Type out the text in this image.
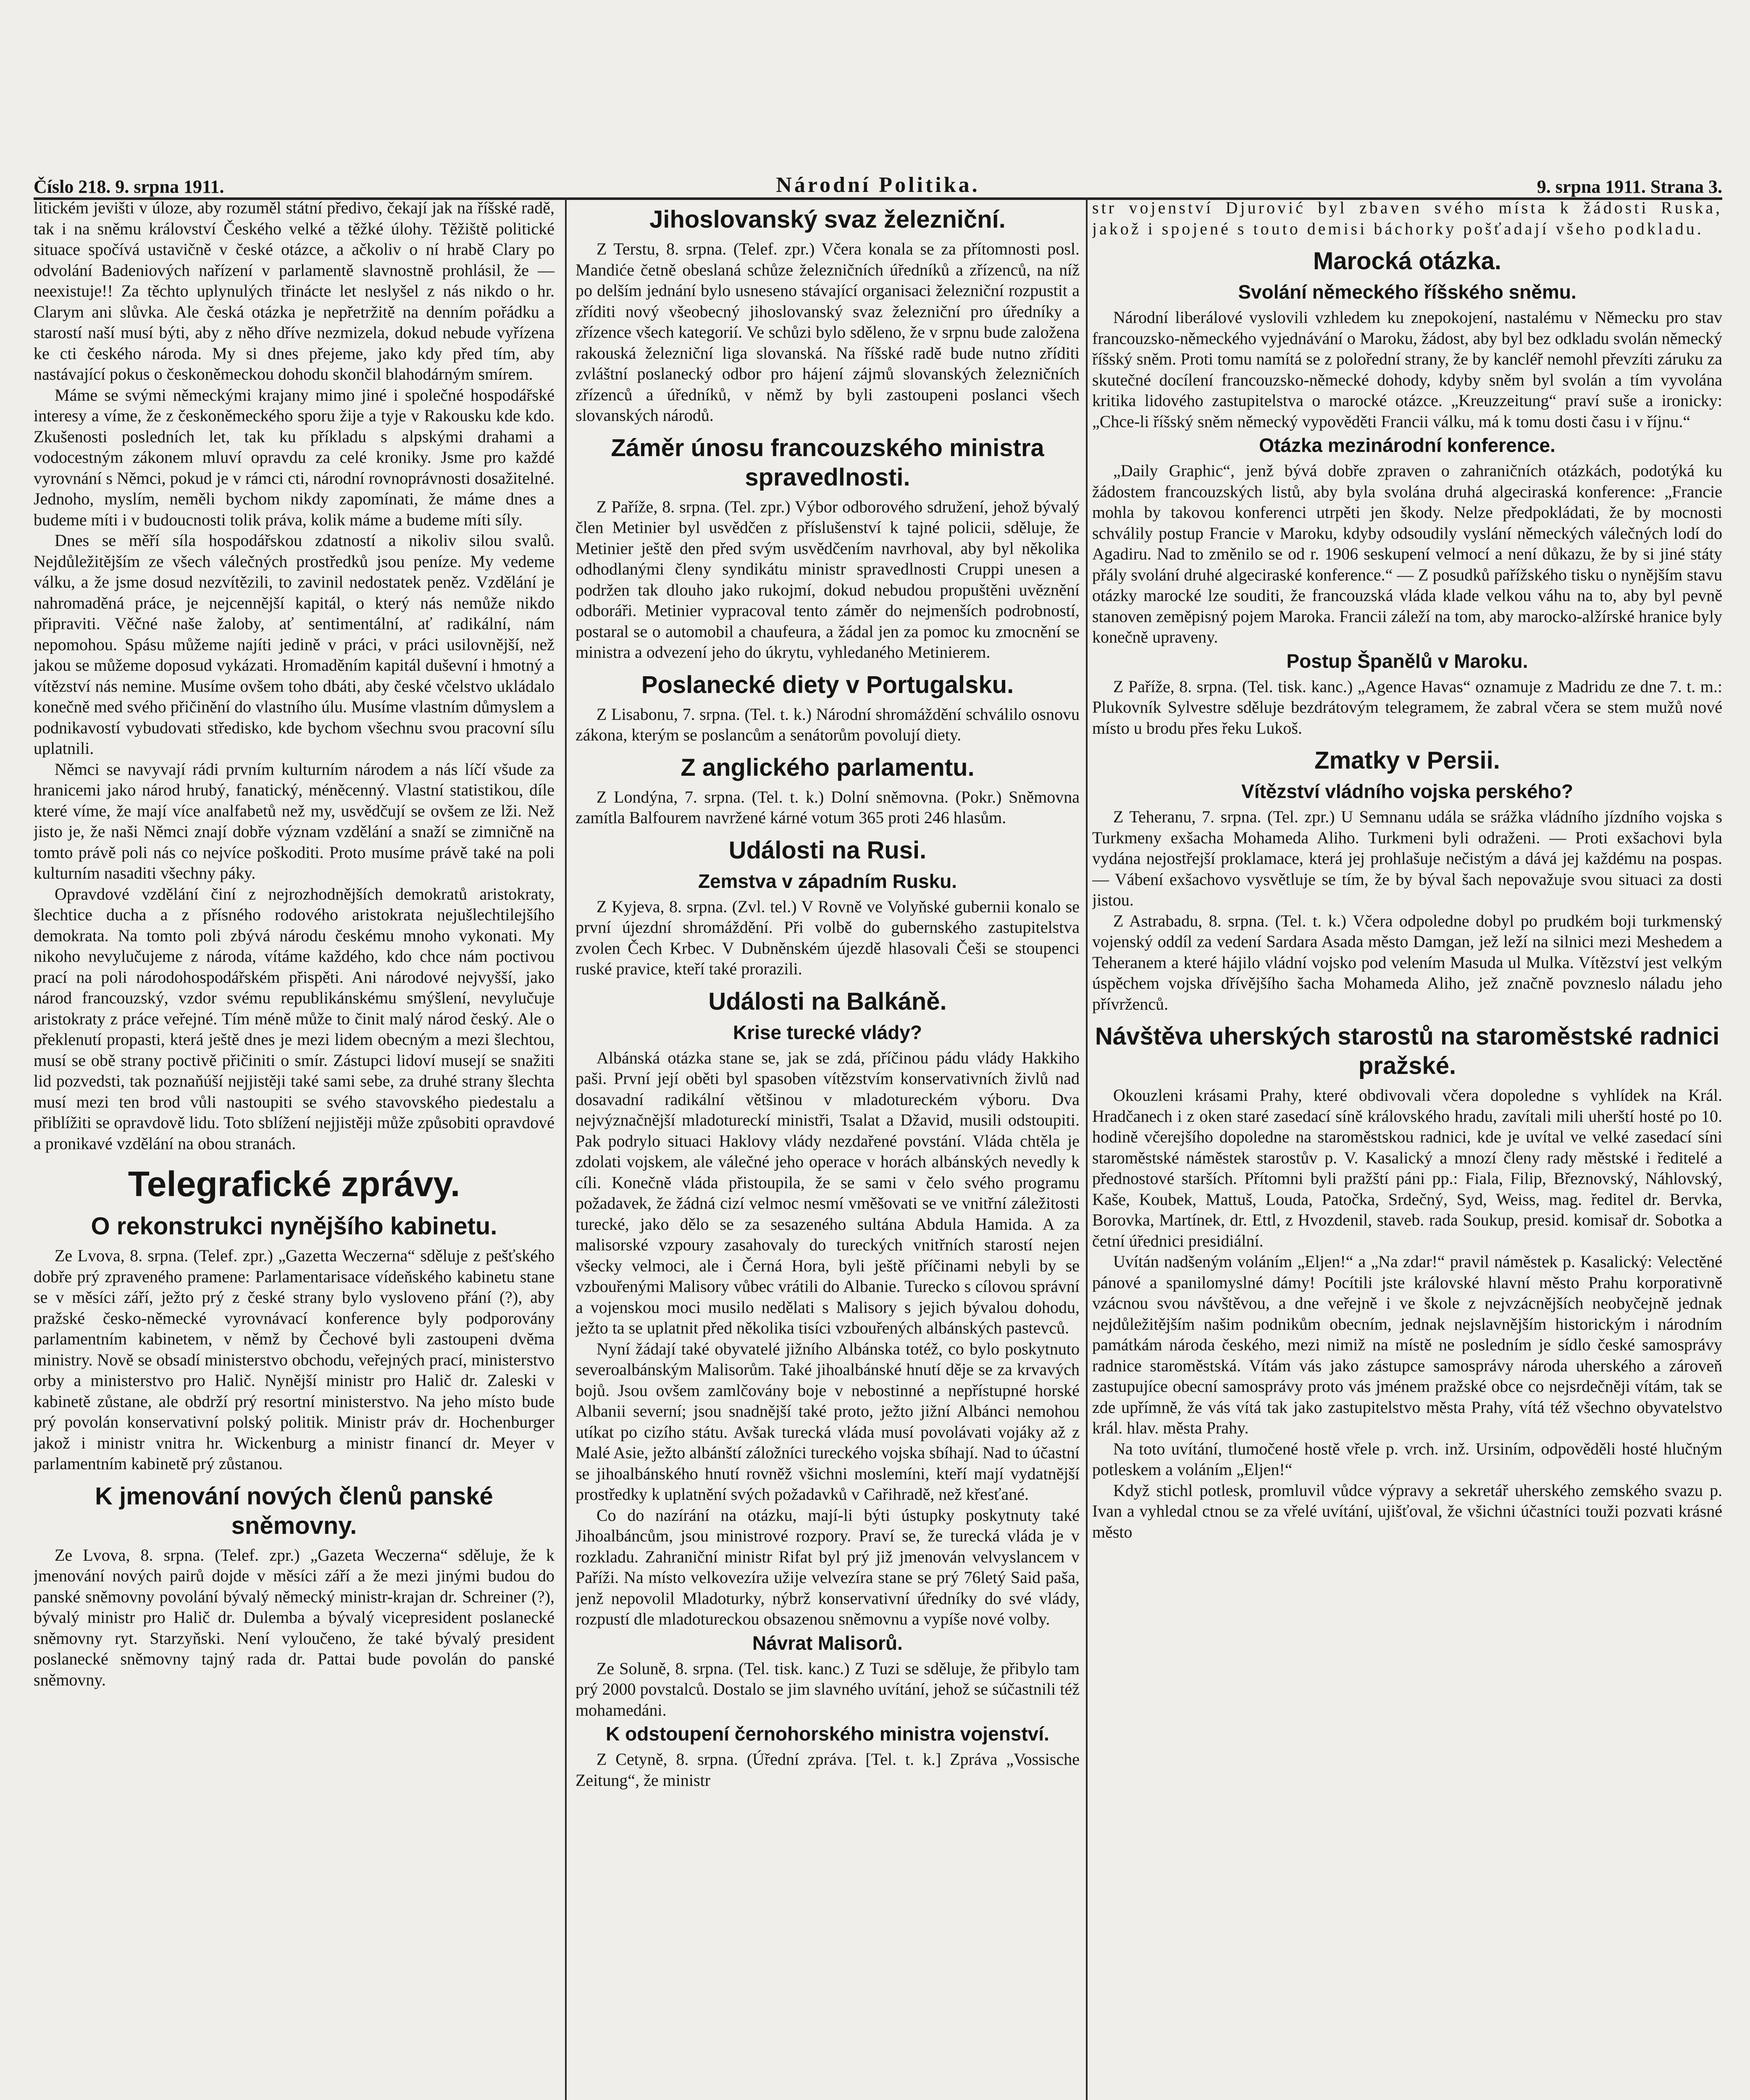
Číslo 218. 9. srpna 1911.	Národní Politika.	9. srpna 1911. Strana 3.

litickém jevišti v úloze, aby rozuměl státní předivo, čekají jak na říšské radě, tak i na sněmu království Českého velké a těžké úlohy. Těžiště politické situace spočívá ustavičně v české otázce, a ačkoliv o ní hrabě Clary po odvolání Badeniových nařízení v parlamentě slavnostně prohlásil, že — neexistuje!! Za těchto uplynulých třinácte let neslyšel z nás nikdo o hr. Clarym ani slůvka. Ale česká otázka je nepřetržitě na denním pořádku a starostí naší musí býti, aby z něho dříve nezmizela, dokud nebude vyřízena ke cti českého národa. My si dnes přejeme, jako kdy před tím, aby nastávající pokus o českoněmeckou dohodu skončil blahodárným smírem.

Máme se svými německými krajany mimo jiné i společné hospodářské interesy a víme, že z českoněmeckého sporu žije a tyje v Rakousku kde kdo. Zkušenosti posledních let, tak ku příkladu s alpskými drahami a vodocestným zákonem mluví opravdu za celé kroniky. Jsme pro každé vyrovnání s Němci, pokud je v rámci cti, národní rovnoprávnosti dosažitelné. Jednoho, myslím, neměli bychom nikdy zapomínati, že máme dnes a budeme míti i v budoucnosti tolik práva, kolik máme a budeme míti síly.

Dnes se měří síla hospodářskou zdatností a nikoliv silou svalů. Nejdůležitějším ze všech válečných prostředků jsou peníze. My vedeme válku, a že jsme dosud nezvítězili, to zavinil nedostatek peněz. Vzdělání je nahromaděná práce, je nejcennější kapitál, o který nás nemůže nikdo připraviti. Věčné naše žaloby, ať sentimentální, ať radikální, nám nepomohou. Spásu můžeme najíti jedině v práci, v práci usilovnější, než jakou se můžeme doposud vykázati. Hromaděním kapitál duševní i hmotný a vítězství nás nemine. Musíme ovšem toho dbáti, aby české včelstvo ukládalo konečně med svého přičinění do vlastního úlu. Musíme vlastním důmyslem a podnikavostí vybudovati středisko, kde bychom všechnu svou pracovní sílu uplatnili.

Němci se navyvají rádi prvním kulturním národem a nás líčí všude za hranicemi jako národ hrubý, fanatický, méněcenný. Vlastní statistikou, díle které víme, že mají více analfabetů než my, usvědčují se ovšem ze lži. Než jisto je, že naši Němci znají dobře význam vzdělání a snaží se zimničně na tomto právě poli nás co nejvíce poškoditi. Proto musíme právě také na poli kulturním nasaditi všechny páky.

Opravdové vzdělání činí z nejrozhodnějších demokratů aristokraty, šlechtice ducha a z přísného rodového aristokrata nejušlechtilejšího demokrata. Na tomto poli zbývá národu českému mnoho vykonati. My nikoho nevylučujeme z národa, vítáme každého, kdo chce nám poctivou prací na poli národohospodářském přispěti. Ani národové nejvyšší, jako národ francouzský, vzdor svému republikánskému smýšlení, nevylučuje aristokraty z práce veřejné. Tím méně může to činit malý národ český. Ale o překlenutí propasti, která ještě dnes je mezi lidem obecným a mezi šlechtou, musí se obě strany poctivě přičiniti o smír. Zástupci lidoví musejí se snažiti lid pozvedsti, tak poznaňúší nejjistěji také sami sebe, za druhé strany šlechta musí mezi ten brod vůli nastoupiti se svého stavovského piedestalu a přiblížiti se opravdově lidu. Toto sblížení nejjistěji může způsobiti opravdové a pronikavé vzdělání na obou stranách.

Telegrafické zprávy.
O rekonstrukci nynějšího kabinetu.

Ze Lvova, 8. srpna. (Telef. zpr.) „Gazetta Weczerna“ sděluje z pešťského dobře prý zpraveného pramene: Parlamentarisace vídeňského kabinetu stane se v měsíci září, ježto prý z české strany bylo vysloveno přání (?), aby pražské česko-německé vyrovnávací konference byly podporovány parlamentním kabinetem, v němž by Čechové byli zastoupeni dvěma ministry. Nově se obsadí ministerstvo obchodu, veřejných prací, ministerstvo orby a ministerstvo pro Halič. Nynější ministr pro Halič dr. Zaleski v kabinetě zůstane, ale obdrží prý resortní ministerstvo. Na jeho místo bude prý povolán konservativní polský politik. Ministr práv dr. Hochenburger jakož i ministr vnitra hr. Wickenburg a ministr financí dr. Meyer v parlamentním kabinetě prý zůstanou.

K jmenování nových členů panské sněmovny.

Ze Lvova, 8. srpna. (Telef. zpr.) „Gazeta Weczerna“ sděluje, že k jmenování nových pairů dojde v měsíci září a že mezi jinými budou do panské sněmovny povolání bývalý německý ministr-krajan dr. Schreiner (?), bývalý ministr pro Halič dr. Dulemba a bývalý vicepresident poslanecké sněmovny ryt. Starzyňski. Není vyloučeno, že také bývalý president poslanecké sněmovny tajný rada dr. Pattai bude povolán do panské sněmovny.

Jihoslovanský svaz železniční.

Z Terstu, 8. srpna. (Telef. zpr.) Včera konala se za přítomnosti posl. Mandiće četně obeslaná schůze železničních úředníků a zřízenců, na níž po delším jednání bylo usneseno stávající organisaci železniční rozpustit a zříditi nový všeobecný jihoslovanský svaz železniční pro úředníky a zřízence všech kategorií. Ve schůzi bylo sděleno, že v srpnu bude založena rakouská železniční liga slovanská. Na říšské radě bude nutno zříditi zvláštní poslanecký odbor pro hájení zájmů slovanských železničních zřízenců a úředníků, v němž by byli zastoupeni poslanci všech slovanských národů.

Záměr únosu francouzského ministra spravedlnosti.

Z Paříže, 8. srpna. (Tel. zpr.) Výbor odborového sdružení, jehož bývalý člen Metinier byl usvědčen z příslušenství k tajné policii, sděluje, že Metinier ještě den před svým usvědčením navrhoval, aby byl několika odhodlanými členy syndikátu ministr spravedlnosti Cruppi unesen a podržen tak dlouho jako rukojmí, dokud nebudou propuštěni uvěznění odboráři. Metinier vypracoval tento záměr do nejmenších podrobností, postaral se o automobil a chaufeura, a žádal jen za pomoc ku zmocnění se ministra a odvezení jeho do úkrytu, vyhledaného Metinierem.

Poslanecké diety v Portugalsku.

Z Lisabonu, 7. srpna. (Tel. t. k.) Národní shromáždění schválilo osnovu zákona, kterým se poslancům a senátorům povolují diety.

Z anglického parlamentu.

Z Londýna, 7. srpna. (Tel. t. k.) Dolní sněmovna. (Pokr.) Sněmovna zamítla Balfourem navržené kárné votum 365 proti 246 hlasům.

Události na Rusi.
Zemstva v západním Rusku.

Z Kyjeva, 8. srpna. (Zvl. tel.) V Rovně ve Volyňské gubernii konalo se první újezdní shromáždění. Při volbě do gubernského zastupitelstva zvolen Čech Krbec. V Dubněnském újezdě hlasovali Češi se stoupenci ruské pravice, kteří také prorazili.

Události na Balkáně.
Krise turecké vlády?

Albánská otázka stane se, jak se zdá, příčinou pádu vlády Hakkiho paši. První její oběti byl spasoben vítězstvím konservativních živlů nad dosavadní radikální většinou v mladotureckém výboru. Dva nejvýznačnější mladotureckí ministři, Tsalat a Džavid, musili odstoupiti. Pak podrylo situaci Haklovy vlády nezdařené povstání. Vláda chtěla je zdolati vojskem, ale válečné jeho operace v horách albánských nevedly k cíli. Konečně vláda přistoupila, že se sami v čelo svého programu požadavek, že žádná cizí velmoc nesmí vměšovati se ve vnitřní záležitosti turecké, jako dělo se za sesazeného sultána Abdula Hamida. A za malisorské vzpoury zasahovaly do tureckých vnitřních starostí nejen všecky velmoci, ale i Černá Hora, byli ještě příčinami nebyli by se vzbouřenými Malisory vůbec vrátili do Albanie. Turecko s cílovou správní a vojenskou moci musilo nedělati s Malisory s jejich bývalou dohodu, ježto ta se uplatnit před několika tisíci vzbouřených albánských pastevců.

Nyní žádají také obyvatelé jižního Albánska totéž, co bylo poskytnuto severoalbánským Malisorům. Také jihoalbánské hnutí děje se za krvavých bojů. Jsou ovšem zamlčovány boje v nebostinné a nepřístupné horské Albanii severní; jsou snadnější také proto, ježto jižní Albánci nemohou utíkat po cizího státu. Avšak turecká vláda musí povolávati vojáky až z Malé Asie, ježto albánští záložníci tureckého vojska sbíhají. Nad to účastní se jihoalbánského hnutí rovněž všichni moslemíni, kteří mají vydatnější prostředky k uplatnění svých požadavků v Cařihradě, než křesťané.

Co do nazírání na otázku, mají-li býti ústupky poskytnuty také Jihoalbáncům, jsou ministrové rozpory. Praví se, že turecká vláda je v rozkladu. Zahraniční ministr Rifat byl prý již jmenován velvyslancem v Paříži. Na místo velkovezíra užije velvezíra stane se prý 76letý Said paša, jenž nepovolil Mladoturky, nýbrž konservativní úředníky do své vlády, rozpustí dle mladotureckou obsazenou sněmovnu a vypíše nové volby.

Návrat Malisorů.

Ze Soluně, 8. srpna. (Tel. tisk. kanc.) Z Tuzi se sděluje, že přibylo tam prý 2000 povstalců. Dostalo se jim slavného uvítání, jehož se súčastnili též mohamedáni.

K odstoupení černohorského ministra vojenství.

Z Cetyně, 8. srpna. (Úřední zpráva. [Tel. t. k.] Zpráva „Vossische Zeitung“, že ministr

str vojenství Djurović byl zbaven svého místa k žádosti Ruska, jakož i spojené s touto demisi báchorky pošťadají všeho podkladu.

Marocká otázka.
Svolání německého říšského sněmu.

Národní liberálové vyslovili vzhledem ku znepokojení, nastalému v Německu pro stav francouzsko-německého vyjednávání o Maroku, žádost, aby byl bez odkladu svolán německý říšský sněm. Proti tomu namítá se z polořední strany, že by kancléř nemohl převzíti záruku za skutečné docílení francouzsko-německé dohody, kdyby sněm byl svolán a tím vyvolána kritika lidového zastupitelstva o marocké otázce. „Kreuzzeitung“ praví suše a ironicky: „Chce-li říšský sněm německý vypověděti Francii válku, má k tomu dosti času i v říjnu.“

Otázka mezinárodní konference.

„Daily Graphic“, jenž bývá dobře zpraven o zahraničních otázkách, podotýká ku žádostem francouzských listů, aby byla svolána druhá algeciraská konference: „Francie mohla by takovou konferenci utrpěti jen škody. Nelze předpokládati, že by mocnosti schválily postup Francie v Maroku, kdyby odsoudily vyslání německých válečných lodí do Agadiru. Nad to změnilo se od r. 1906 seskupení velmocí a není důkazu, že by si jiné státy přály svolání druhé algeciraské konference.“ — Z posudků pařížského tisku o nynějším stavu otázky marocké lze souditi, že francouzská vláda klade velkou váhu na to, aby byl pevně stanoven zeměpisný pojem Maroka. Francii záleží na tom, aby marocko-alžírské hranice byly konečně upraveny.

Postup Španělů v Maroku.

Z Paříže, 8. srpna. (Tel. tisk. kanc.) „Agence Havas“ oznamuje z Madridu ze dne 7. t. m.: Plukovník Sylvestre sděluje bezdrátovým telegramem, že zabral včera se stem mužů nové místo u brodu přes řeku Lukoš.

Zmatky v Persii.
Vítězství vládního vojska perského?

Z Teheranu, 7. srpna. (Tel. zpr.) U Semnanu udála se srážka vládního jízdního vojska s Turkmeny exšacha Mohameda Aliho. Turkmeni byli odraženi. — Proti exšachovi byla vydána nejostřejší proklamace, která jej prohlašuje nečistým a dává jej každému na pospas. — Vábení exšachovo vysvětluje se tím, že by býval šach nepovažuje svou situaci za dosti jistou.

Z Astrabadu, 8. srpna. (Tel. t. k.) Včera odpoledne dobyl po prudkém boji turkmenský vojenský oddíl za vedení Sardara Asada město Damgan, jež leží na silnici mezi Meshedem a Teheranem a které hájilo vládní vojsko pod velením Masuda ul Mulka. Vítězství jest velkým úspěchem vojska dřívějšího šacha Mohameda Aliho, jež značně povzneslo náladu jeho přívrženců.

Návštěva uherských starostů na staroměstské radnici pražské.

Okouzleni krásami Prahy, které obdivovali včera dopoledne s vyhlídek na Král. Hradčanech i z oken staré zasedací síně královského hradu, zavítali mili uherští hosté po 10. hodině včerejšího dopoledne na staroměstskou radnici, kde je uvítal ve velké zasedací síni staroměstské náměstek starostův p. V. Kasalický a mnozí členy rady městské i ředitelé a přednostové starších. Přítomni byli pražští páni pp.: Fiala, Filip, Březnovský, Náhlovský, Kaše, Koubek, Mattuš, Louda, Patočka, Srdečný, Syd, Weiss, mag. ředitel dr. Bervka, Borovka, Martínek, dr. Ettl, z Hvozdenil, staveb. rada Soukup, presid. komisař dr. Sobotka a četní úřednici presidiální.

Uvítán nadšeným voláním „Eljen!“ a „Na zdar!“ pravil náměstek p. Kasalický: Velectěné pánové a spanilomyslné dámy! Pocítili jste královské hlavní město Prahu korporativně vzácnou svou návštěvou, a dne veřejně i ve škole z nejvzácnějších neobyčejně jednak nejdůležitějším našim podnikům obecním, jednak nejslavnějším historickým i národním památkám národa českého, mezi nimiž na místě ne posledním je sídlo české samosprávy radnice staroměstská. Vítám vás jako zástupce samosprávy národa uherského a zároveň zastupujíce obecní samosprávy proto vás jménem pražské obce co nejsrdečněji vítám, tak se zde upřímně, že vás vítá tak jako zastupitelstvo města Prahy, vítá též všechno obyvatelstvo král. hlav. města Prahy.

Na toto uvítání, tlumočené hostě vřele p. vrch. inž. Ursiním, odpověděli hosté hlučným potleskem a voláním „Eljen!“

Když stichl potlesk, promluvil vůdce výpravy a sekretář uherského zemského svazu p. Ivan a vyhledal ctnou se za vřelé uvítání, ujišťoval, že všichni účastníci touži pozvati krásné město
